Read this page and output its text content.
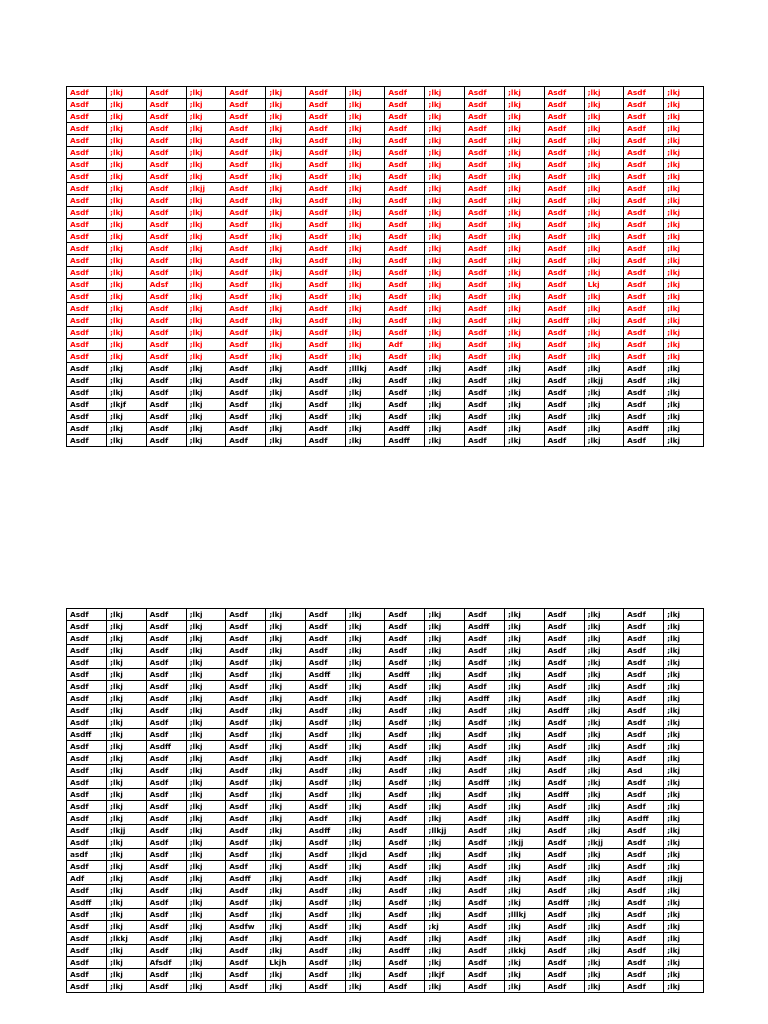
Asdf	;lkj	Asdf	;lkj	Asdf	;lkj	Asdf	;lkj	Asdf	;lkj	Asdf	;lkj	Asdf	;lkj	Asdf	;lkj
Asdf	;lkj	Asdf	;lkj	Asdf	;lkj	Asdf	;lkj	Asdf	;lkj	Asdf	;lkj	Asdf	;lkj	Asdf	;lkj
Asdf	;lkj	Asdf	;lkj	Asdf	;lkj	Asdf	;lkj	Asdf	;lkj	Asdf	;lkj	Asdf	;lkj	Asdf	;lkj
Asdf	;lkj	Asdf	;lkj	Asdf	;lkj	Asdf	;lkj	Asdf	;lkj	Asdf	;lkj	Asdf	;lkj	Asdf	;lkj
Asdf	;lkj	Asdf	;lkj	Asdf	;lkj	Asdf	;lkj	Asdf	;lkj	Asdf	;lkj	Asdf	;lkj	Asdf	;lkj
Asdf	;lkj	Asdf	;lkj	Asdf	;lkj	Asdf	;lkj	Asdf	;lkj	Asdf	;lkj	Asdf	;lkj	Asdf	;lkj
Asdf	;lkj	Asdf	;lkj	Asdf	;lkj	Asdf	;lkj	Asdf	;lkj	Asdf	;lkj	Asdf	;lkj	Asdf	;lkj
Asdf	;lkj	Asdf	;lkj	Asdf	;lkj	Asdf	;lkj	Asdf	;lkj	Asdf	;lkj	Asdf	;lkj	Asdf	;lkj
Asdf	;lkj	Asdf	;lkjj	Asdf	;lkj	Asdf	;lkj	Asdf	;lkj	Asdf	;lkj	Asdf	;lkj	Asdf	;lkj
Asdf	;lkj	Asdf	;lkj	Asdf	;lkj	Asdf	;lkj	Asdf	;lkj	Asdf	;lkj	Asdf	;lkj	Asdf	;lkj
Asdf	;lkj	Asdf	;lkj	Asdf	;lkj	Asdf	;lkj	Asdf	;lkj	Asdf	;lkj	Asdf	;lkj	Asdf	;lkj
Asdf	;lkj	Asdf	;lkj	Asdf	;lkj	Asdf	;lkj	Asdf	;lkj	Asdf	;lkj	Asdf	;lkj	Asdf	;lkj
Asdf	;lkj	Asdf	;lkj	Asdf	;lkj	Asdf	;lkj	Asdf	;lkj	Asdf	;lkj	Asdf	;lkj	Asdf	;lkj
Asdf	;lkj	Asdf	;lkj	Asdf	;lkj	Asdf	;lkj	Asdf	;lkj	Asdf	;lkj	Asdf	;lkj	Asdf	;lkj
Asdf	;lkj	Asdf	;lkj	Asdf	;lkj	Asdf	;lkj	Asdf	;lkj	Asdf	;lkj	Asdf	;lkj	Asdf	;lkj
Asdf	;lkj	Asdf	;lkj	Asdf	;lkj	Asdf	;lkj	Asdf	;lkj	Asdf	;lkj	Asdf	;lkj	Asdf	;lkj
Asdf	;lkj	Adsf	;lkj	Asdf	;lkj	Asdf	;lkj	Asdf	;lkj	Asdf	;lkj	Asdf	Lkj	Asdf	;lkj
Asdf	;lkj	Asdf	;lkj	Asdf	;lkj	Asdf	;lkj	Asdf	;lkj	Asdf	;lkj	Asdf	;lkj	Asdf	;lkj
Asdf	;lkj	Asdf	;lkj	Asdf	;lkj	Asdf	;lkj	Asdf	;lkj	Asdf	;lkj	Asdf	;lkj	Asdf	;lkj
Asdf	;lkj	Asdf	;lkj	Asdf	;lkj	Asdf	;lkj	Asdf	;lkj	Asdf	;lkj	Asdff	;lkj	Asdf	;lkj
Asdf	;lkj	Asdf	;lkj	Asdf	;lkj	Asdf	;lkj	Asdf	;lkj	Asdf	;lkj	Asdf	;lkj	Asdf	;lkj
Asdf	;lkj	Asdf	;lkj	Asdf	;lkj	Asdf	;lkj	Adf	;lkj	Asdf	;lkj	Asdf	;lkj	Asdf	;lkj
Asdf	;lkj	Asdf	;lkj	Asdf	;lkj	Asdf	;lkj	Asdf	;lkj	Asdf	;lkj	Asdf	;lkj	Asdf	;lkj
Asdf	;lkj	Asdf	;lkj	Asdf	;lkj	Asdf	;lllkj	Asdf	;lkj	Asdf	;lkj	Asdf	;lkj	Asdf	;lkj
Asdf	;lkj	Asdf	;lkj	Asdf	;lkj	Asdf	;lkj	Asdf	;lkj	Asdf	;lkj	Asdf	;lkjj	Asdf	;lkj
Asdf	;lkj	Asdf	;lkj	Asdf	;lkj	Asdf	;lkj	Asdf	;lkj	Asdf	;lkj	Asdf	;lkj	Asdf	;lkj
Asdf	;lkjf	Asdf	;lkj	Asdf	;lkj	Asdf	;lkj	Asdf	;lkj	Asdf	;lkj	Asdf	;lkj	Asdf	;lkj
Asdf	;lkj	Asdf	;lkj	Asdf	;lkj	Asdf	;lkj	Asdf	;lkj	Asdf	;lkj	Asdf	;lkj	Asdf	;lkj
Asdf	;lkj	Asdf	;lkj	Asdf	;lkj	Asdf	;lkj	Asdff	;lkj	Asdf	;lkj	Asdf	;lkj	Asdff	;lkj
Asdf	;lkj	Asdf	;lkj	Asdf	;lkj	Asdf	;lkj	Asdff	;lkj	Asdf	;lkj	Asdf	;lkj	Asdf	;lkj
Asdf	;lkj	Asdf	;lkj	Asdf	;lkj	Asdf	;lkj	Asdf	;lkj	Asdf	;lkj	Asdf	;lkj	Asdf	;lkj
Asdf	;lkj	Asdf	;lkj	Asdf	;lkj	Asdf	;lkj	Asdf	;lkj	Asdff	;lkj	Asdf	;lkj	Asdf	;lkj
Asdf	;lkj	Asdf	;lkj	Asdf	;lkj	Asdf	;lkj	Asdf	;lkj	Asdf	;lkj	Asdf	;lkj	Asdf	;lkj
Asdf	;lkj	Asdf	;lkj	Asdf	;lkj	Asdf	;lkj	Asdf	;lkj	Asdf	;lkj	Asdf	;lkj	Asdf	;lkj
Asdf	;lkj	Asdf	;lkj	Asdf	;lkj	Asdf	;lkj	Asdf	;lkj	Asdf	;lkj	Asdf	;lkj	Asdf	;lkj
Asdf	;lkj	Asdf	;lkj	Asdf	;lkj	Asdff	;lkj	Asdff	;lkj	Asdf	;lkj	Asdf	;lkj	Asdf	;lkj
Asdf	;lkj	Asdf	;lkj	Asdf	;lkj	Asdf	;lkj	Asdf	;lkj	Asdf	;lkj	Asdf	;lkj	Asdf	;lkj
Asdf	;lkj	Asdf	;lkj	Asdf	;lkj	Asdf	;lkj	Asdf	;lkj	Asdff	;lkj	Asdf	;lkj	Asdf	;lkj
Asdf	;lkj	Asdf	;lkj	Asdf	;lkj	Asdf	;lkj	Asdf	;lkj	Asdf	;lkj	Asdff	;lkj	Asdf	;lkj
Asdf	;lkj	Asdf	;lkj	Asdf	;lkj	Asdf	;lkj	Asdf	;lkj	Asdf	;lkj	Asdf	;lkj	Asdf	;lkj
Asdff	;lkj	Asdf	;lkj	Asdf	;lkj	Asdf	;lkj	Asdf	;lkj	Asdf	;lkj	Asdf	;lkj	Asdf	;lkj
Asdf	;lkj	Asdff	;lkj	Asdf	;lkj	Asdf	;lkj	Asdf	;lkj	Asdf	;lkj	Asdf	;lkj	Asdf	;lkj
Asdf	;lkj	Asdf	;lkj	Asdf	;lkj	Asdf	;lkj	Asdf	;lkj	Asdf	;lkj	Asdf	;lkj	Asdf	;lkj
Asdf	;lkj	Asdf	;lkj	Asdf	;lkj	Asdf	;lkj	Asdf	;lkj	Asdf	;lkj	Asdf	;lkj	Asd	;lkj
Asdf	;lkj	Asdf	;lkj	Asdf	;lkj	Asdf	;lkj	Asdf	;lkj	Asdff	;lkj	Asdf	;lkj	Asdf	;lkj
Asdf	;lkj	Asdf	;lkj	Asdf	;lkj	Asdf	;lkj	Asdf	;lkj	Asdf	;lkj	Asdff	;lkj	Asdf	;lkj
Asdf	;lkj	Asdf	;lkj	Asdf	;lkj	Asdf	;lkj	Asdf	;lkj	Asdf	;lkj	Asdf	;lkj	Asdf	;lkj
Asdf	;lkj	Asdf	;lkj	Asdf	;lkj	Asdf	;lkj	Asdf	;lkj	Asdf	;lkj	Asdff	;lkj	Asdff	;lkj
Asdf	;lkjj	Asdf	;lkj	Asdf	;lkj	Asdff	;lkj	Asdf	;llkjj	Asdf	;lkj	Asdf	;lkj	Asdf	;lkj
Asdf	;lkj	Asdf	;lkj	Asdf	;lkj	Asdf	;lkj	Asdf	;lkj	Asdf	;lkjj	Asdf	;lkjj	Asdf	;lkj
asdf	;lkj	Asdf	;lkj	Asdf	;lkj	Asdf	;lkjd	Asdf	;lkj	Asdf	;lkj	Asdf	;lkj	Asdf	;lkj
Asdf	;lkj	Asdf	;lkj	Asdf	;lkj	Asdf	;lkj	Asdf	;lkj	Asdf	;lkj	Asdf	;lkj	Asdf	;lkj
Adf	;lkj	Asdf	;lkj	Asdff	;lkj	Asdf	;lkj	Asdf	;lkj	Asdf	;lkj	Asdf	;lkj	Asdf	;lkjj
Asdf	;lkj	Asdf	;lkj	Asdf	;lkj	Asdf	;lkj	Asdf	;lkj	Asdf	;lkj	Asdf	;lkj	Asdf	;lkj
Asdff	;lkj	Asdf	;lkj	Asdf	;lkj	Asdf	;lkj	Asdf	;lkj	Asdf	;lkj	Asdff	;lkj	Asdf	;lkj
Asdf	;lkj	Asdf	;lkj	Asdf	;lkj	Asdf	;lkj	Asdf	;lkj	Asdf	;lllkj	Asdf	;lkj	Asdf	;lkj
Asdf	;lkj	Asdf	;lkj	Asdfw	;lkj	Asdf	;lkj	Asdf	;kj	Asdf	;lkj	Asdf	;lkj	Asdf	;lkj
Asdf	;lkkj	Asdf	;lkj	Asdf	;lkj	Asdf	;lkj	Asdf	;lkj	Asdf	;lkj	Asdf	;lkj	Asdf	;lkj
Asdf	;lkj	Asdf	;lkj	Asdf	;lkj	Asdf	;lkj	Asdff	;lkj	Asdf	;lkkj	Asdf	;lkj	Asdf	;lkj
Asdf	;lkj	Afsdf	;lkj	Asdf	Lkjh	Asdf	;lkj	Asdf	;lkj	Asdf	;lkj	Asdf	;lkj	Asdf	;lkj
Asdf	;lkj	Asdf	;lkj	Asdf	;lkj	Asdf	;lkj	Asdf	;lkjf	Asdf	;lkj	Asdf	;lkj	Asdf	;lkj
Asdf	;lkj	Asdf	;lkj	Asdf	;lkj	Asdf	;lkj	Asdf	;lkj	Asdf	;lkj	Asdf	;lkj	Asdf	;lkj
